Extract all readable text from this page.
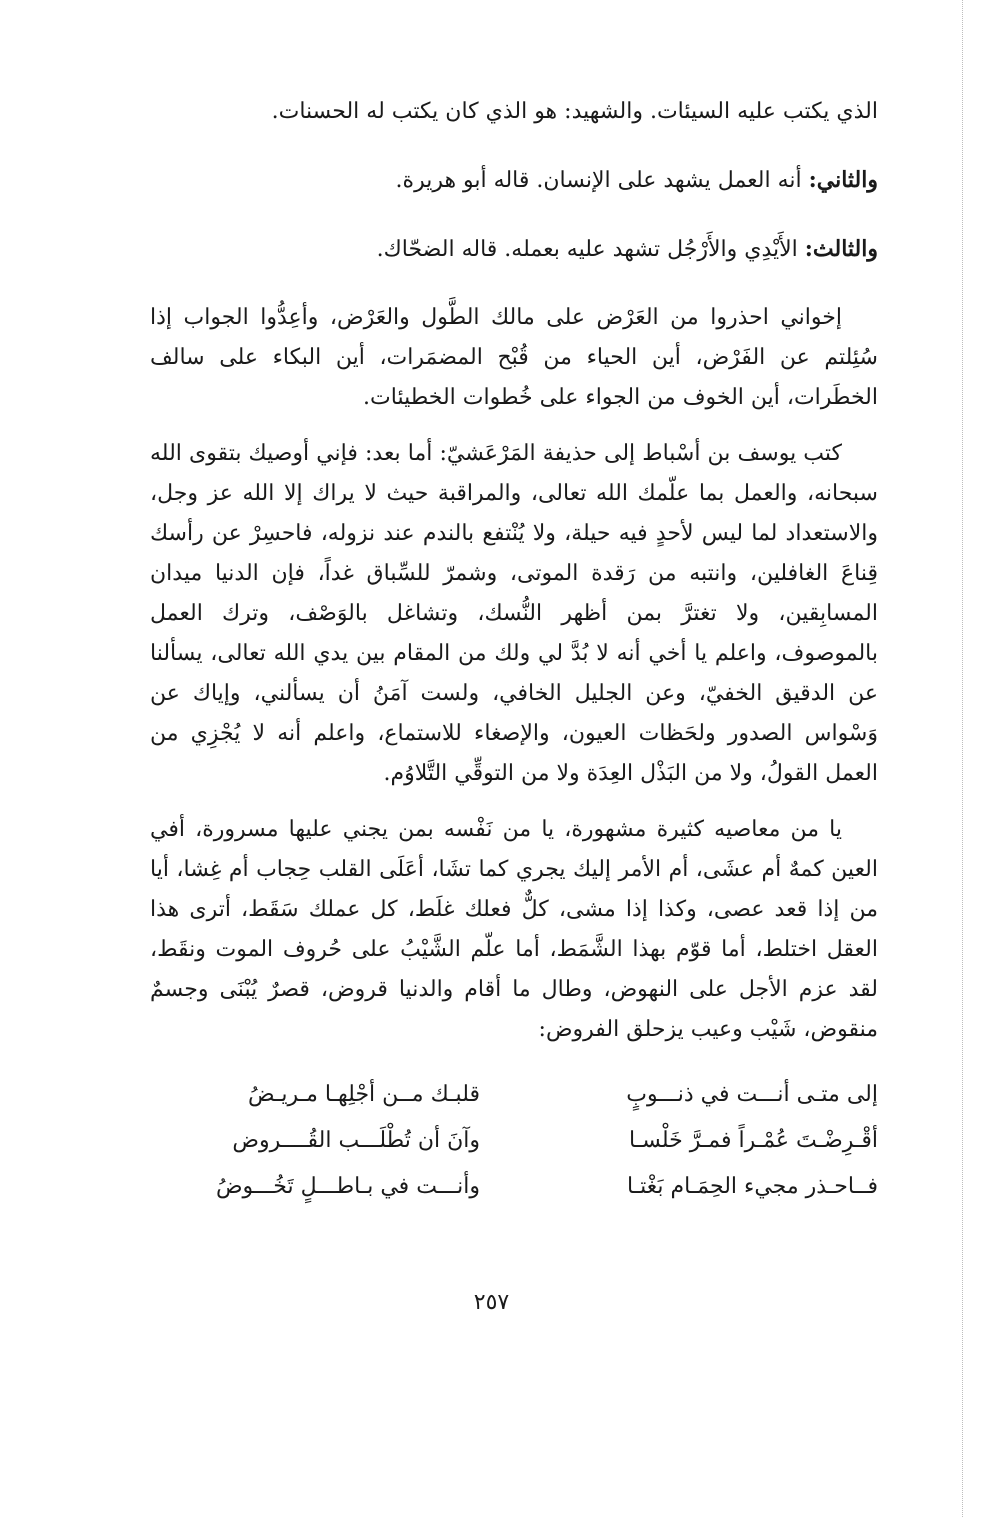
الذي يكتب عليه السيئات. والشهيد: هو الذي كان يكتب له الحسنات.

والثاني: أنه العمل يشهد على الإنسان. قاله أبو هريرة.

والثالث: الأَيْدِي والأَرْجُل تشهد عليه بعمله. قاله الضحّاك.

إخواني احذروا من العَرْض على مالك الطَّول والعَرْض، وأعِدُّوا الجواب إذا سُئِلتم عن الفَرْض، أين الحياء من قُبْح المضمَرات، أين البكاء على سالف الخطَرات، أين الخوف من الجواء على خُطوات الخطيئات.

كتب يوسف بن أسْباط إلى حذيفة المَرْعَشيّ: أما بعد: فإني أوصيك بتقوى الله سبحانه، والعمل بما علّمك الله تعالى، والمراقبة حيث لا يراك إلا الله عز وجل، والاستعداد لما ليس لأحدٍ فيه حيلة، ولا يُنْتفع بالندم عند نزوله، فاحسِرْ عن رأسك قِناعَ الغافلين، وانتبه من رَقدة الموتى، وشمرّ للسِّباق غداً، فإن الدنيا ميدان المسابِقين، ولا تغترَّ بمن أظهر النُّسك، وتشاغل بالوَصْف، وترك العمل بالموصوف، واعلم يا أخي أنه لا بُدَّ لي ولك من المقام بين يدي الله تعالى، يسألنا عن الدقيق الخفيّ، وعن الجليل الخافي، ولست آمَنُ أن يسألني، وإياك عن وَسْواس الصدور ولحَظات العيون، والإصغاء للاستماع، واعلم أنه لا يُجْزِي من العمل القولُ، ولا من البَذْل العِدَة ولا من التوقِّي التَّلاوُم.

يا من معاصيه كثيرة مشهورة، يا من نَفْسه بمن يجني عليها مسرورة، أفي العين كمهٌ أم عشَى، أم الأمر إليك يجري كما تشَا، أعَلَى القلب حِجاب أم غِشا، أيا من إذا قعد عصى، وكذا إذا مشى، كلٌّ فعلك غلَط، كل عملك سَقَط، أترى هذا العقل اختلط، أما قوّم بهذا الشَّمَط، أما علّم الشَّيْبُ على حُروف الموت ونقَط، لقد عزم الأجل على النهوض، وطال ما أقام والدنيا قروض، قصرٌ يُبْنَى وجسمٌ منقوض، شَيْب وعيب يزحلق الفروض:

إلى متـى أنـــت في ذنـــوبٍ
قلبـك مــن أجْلِهـا مـريـضُ
أقْـرِضْـتَ عُمْـراً فمـرَّ خَلْسـا
وآنَ أن تُطْلَـــب القُــــروض
فــاحـذر مجيء الحِمَـام بَغْتـا
وأنـــت في بـاطـــلٍ تَخُـــوضُ
٢٥٧
